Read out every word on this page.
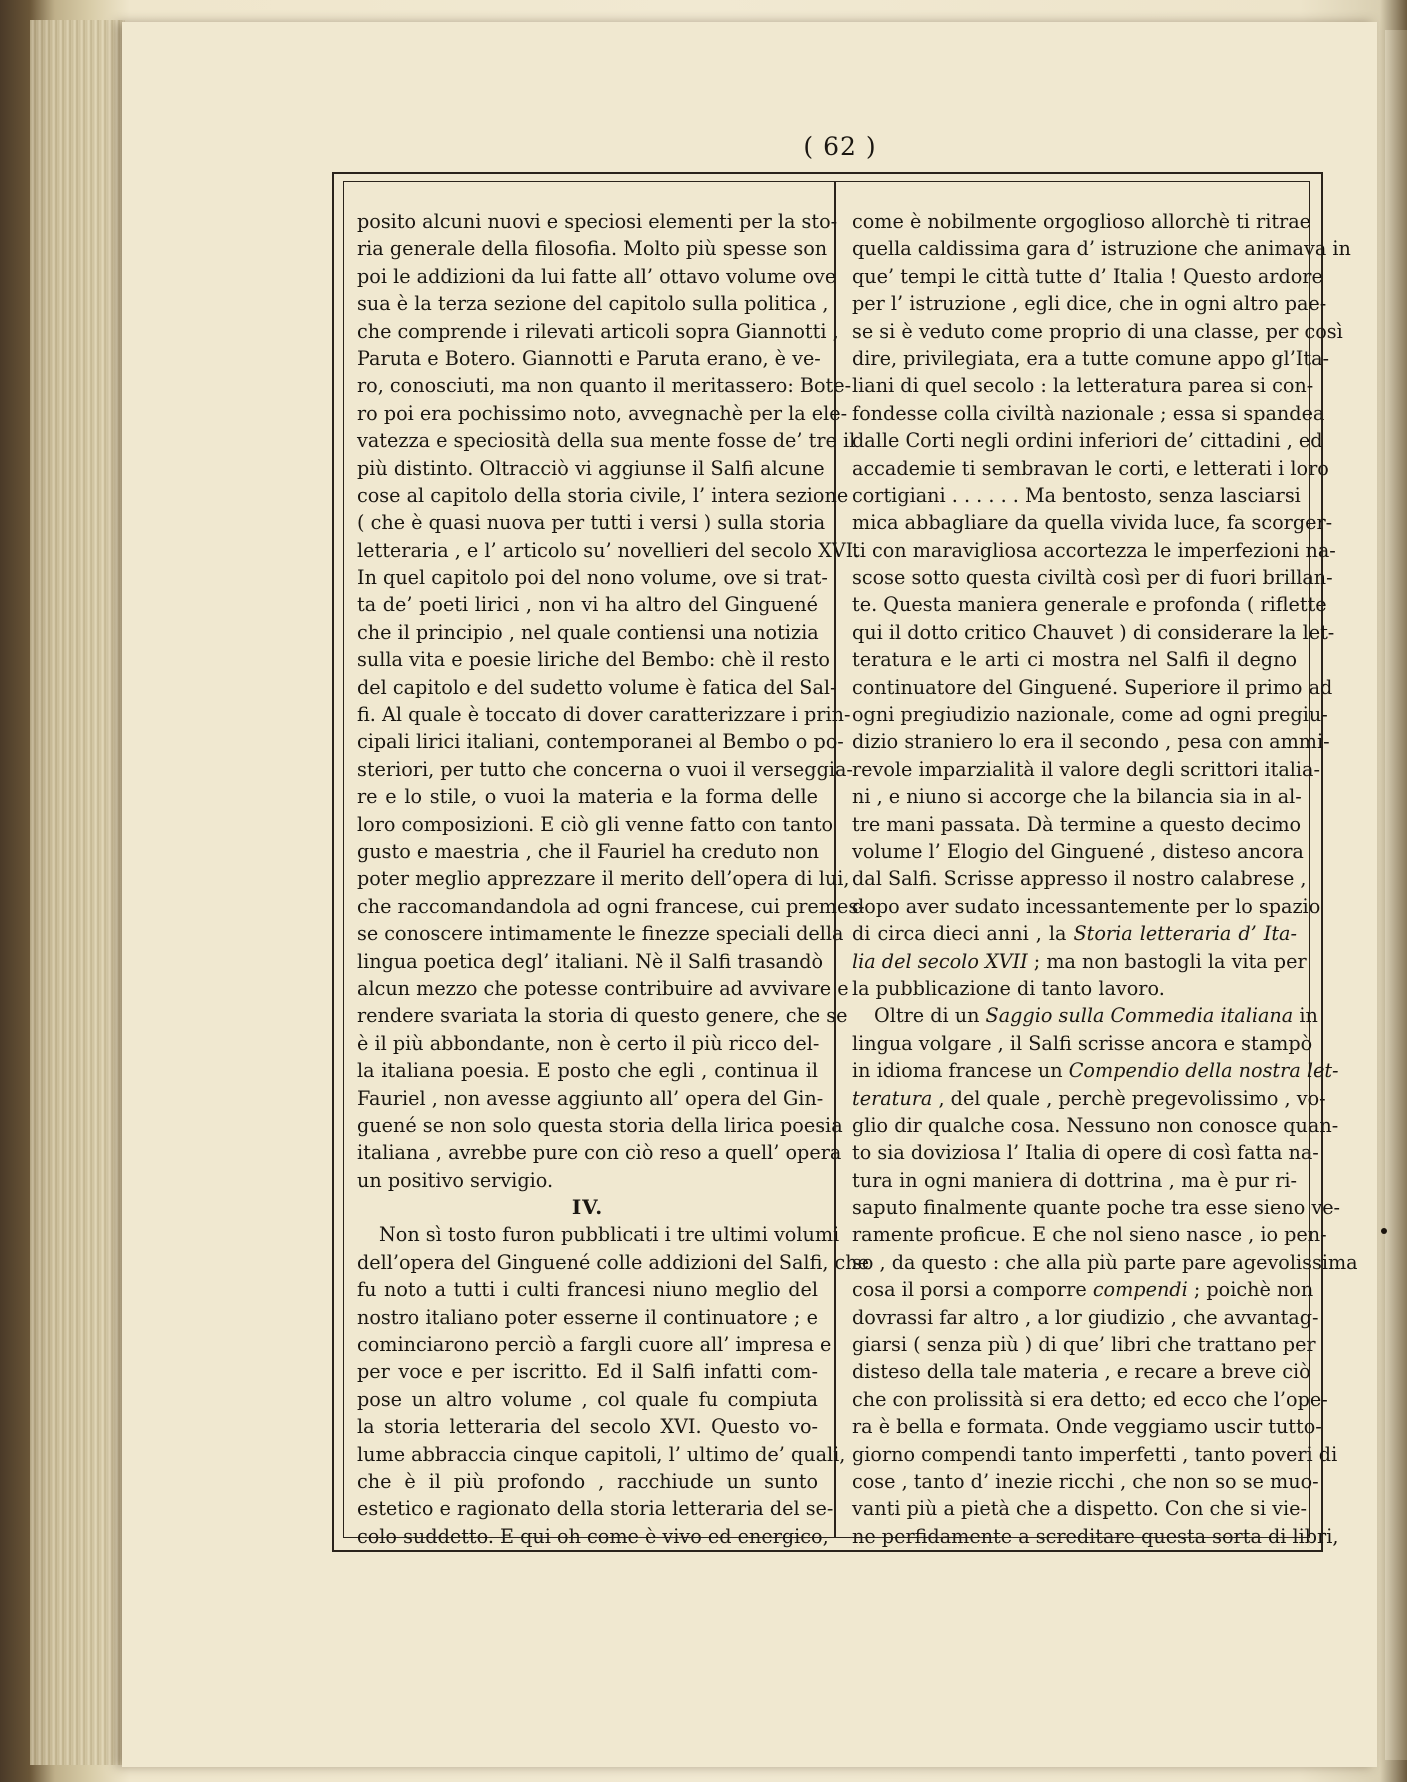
( 62 )
posito alcuni nuovi e speciosi elementi per la sto-
ria generale della filosofia. Molto più spesse son
poi le addizioni da lui fatte all’ ottavo volume ove
sua è la terza sezione del capitolo sulla politica ,
che comprende i rilevati articoli sopra Giannotti ,
Paruta e Botero. Giannotti e Paruta erano, è ve-
ro, conosciuti, ma non quanto il meritassero: Bote-
ro poi era pochissimo noto, avvegnachè per la ele-
vatezza e speciosità della sua mente fosse de’ tre il
più distinto. Oltracciò vi aggiunse il Salfi alcune
cose al capitolo della storia civile, l’ intera sezione
( che è quasi nuova per tutti i versi ) sulla storia
letteraria , e l’ articolo su’ novellieri del secolo XVI.
In quel capitolo poi del nono volume, ove si trat-
ta de’ poeti lirici , non vi ha altro del Ginguené
che il principio , nel quale contiensi una notizia
sulla vita e poesie liriche del Bembo: chè il resto
del capitolo e del sudetto volume è fatica del Sal-
fi. Al quale è toccato di dover caratterizzare i prin-
cipali lirici italiani, contemporanei al Bembo o po-
steriori, per tutto che concerna o vuoi il verseggia-
re e lo stile, o vuoi la materia e la forma delle
loro composizioni. E ciò gli venne fatto con tanto
gusto e maestria , che il Fauriel ha creduto non
poter meglio apprezzare il merito dell’opera di lui,
che raccomandandola ad ogni francese, cui premes-
se conoscere intimamente le finezze speciali della
lingua poetica degl’ italiani. Nè il Salfi trasandò
alcun mezzo che potesse contribuire ad avvivare e
rendere svariata la storia di questo genere, che se
è il più abbondante, non è certo il più ricco del-
la italiana poesia. E posto che egli , continua il
Fauriel , non avesse aggiunto all’ opera del Gin-
guené se non solo questa storia della lirica poesia
italiana , avrebbe pure con ciò reso a quell’ opera
un positivo servigio.
IV.
Non sì tosto furon pubblicati i tre ultimi volumi
dell’opera del Ginguené colle addizioni del Salfi, che
fu noto a tutti i culti francesi niuno meglio del
nostro italiano poter esserne il continuatore ; e
cominciarono perciò a fargli cuore all’ impresa e
per voce e per iscritto. Ed il Salfi infatti com-
pose un altro volume , col quale fu compiuta
la storia letteraria del secolo XVI. Questo vo-
lume abbraccia cinque capitoli, l’ ultimo de’ quali,
che è il più profondo , racchiude un sunto
estetico e ragionato della storia letteraria del se-
colo suddetto. E qui oh come è vivo ed energico,
come è nobilmente orgoglioso allorchè ti ritrae
quella caldissima gara d’ istruzione che animava in
que’ tempi le città tutte d’ Italia ! Questo ardore
per l’ istruzione , egli dice, che in ogni altro pae-
se si è veduto come proprio di una classe, per così
dire, privilegiata, era a tutte comune appo gl’Ita-
liani di quel secolo : la letteratura parea si con-
fondesse colla civiltà nazionale ; essa si spandea
dalle Corti negli ordini inferiori de’ cittadini , ed
accademie ti sembravan le corti, e letterati i loro
cortigiani . . . . . . Ma bentosto, senza lasciarsi
mica abbagliare da quella vivida luce, fa scorger-
ti con maravigliosa accortezza le imperfezioni na-
scose sotto questa civiltà così per di fuori brillan-
te. Questa maniera generale e profonda ( riflette
qui il dotto critico Chauvet ) di considerare la let-
teratura e le arti ci mostra nel Salfi il degno
continuatore del Ginguené. Superiore il primo ad
ogni pregiudizio nazionale, come ad ogni pregiu-
dizio straniero lo era il secondo , pesa con ammi-
revole imparzialità il valore degli scrittori italia-
ni , e niuno si accorge che la bilancia sia in al-
tre mani passata. Dà termine a questo decimo
volume l’ Elogio del Ginguené , disteso ancora
dal Salfi. Scrisse appresso il nostro calabrese ,
dopo aver sudato incessantemente per lo spazio
di circa dieci anni , la Storia letteraria d’ Ita-
lia del secolo XVII ; ma non bastogli la vita per
la pubblicazione di tanto lavoro.
Oltre di un Saggio sulla Commedia italiana in
lingua volgare , il Salfi scrisse ancora e stampò
in idioma francese un Compendio della nostra let-
teratura , del quale , perchè pregevolissimo , vo-
glio dir qualche cosa. Nessuno non conosce quan-
to sia doviziosa l’ Italia di opere di così fatta na-
tura in ogni maniera di dottrina , ma è pur ri-
saputo finalmente quante poche tra esse sieno ve-
ramente proficue. E che nol sieno nasce , io pen-
so , da questo : che alla più parte pare agevolissima
cosa il porsi a comporre compendi ; poichè non
dovrassi far altro , a lor giudizio , che avvantag-
giarsi ( senza più ) di que’ libri che trattano per
disteso della tale materia , e recare a breve ciò
che con prolissità si era detto; ed ecco che l’ope-
ra è bella e formata. Onde veggiamo uscir tutto-
giorno compendi tanto imperfetti , tanto poveri di
cose , tanto d’ inezie ricchi , che non so se muo-
vanti più a pietà che a dispetto. Con che si vie-
ne perfidamente a screditare questa sorta di libri,
